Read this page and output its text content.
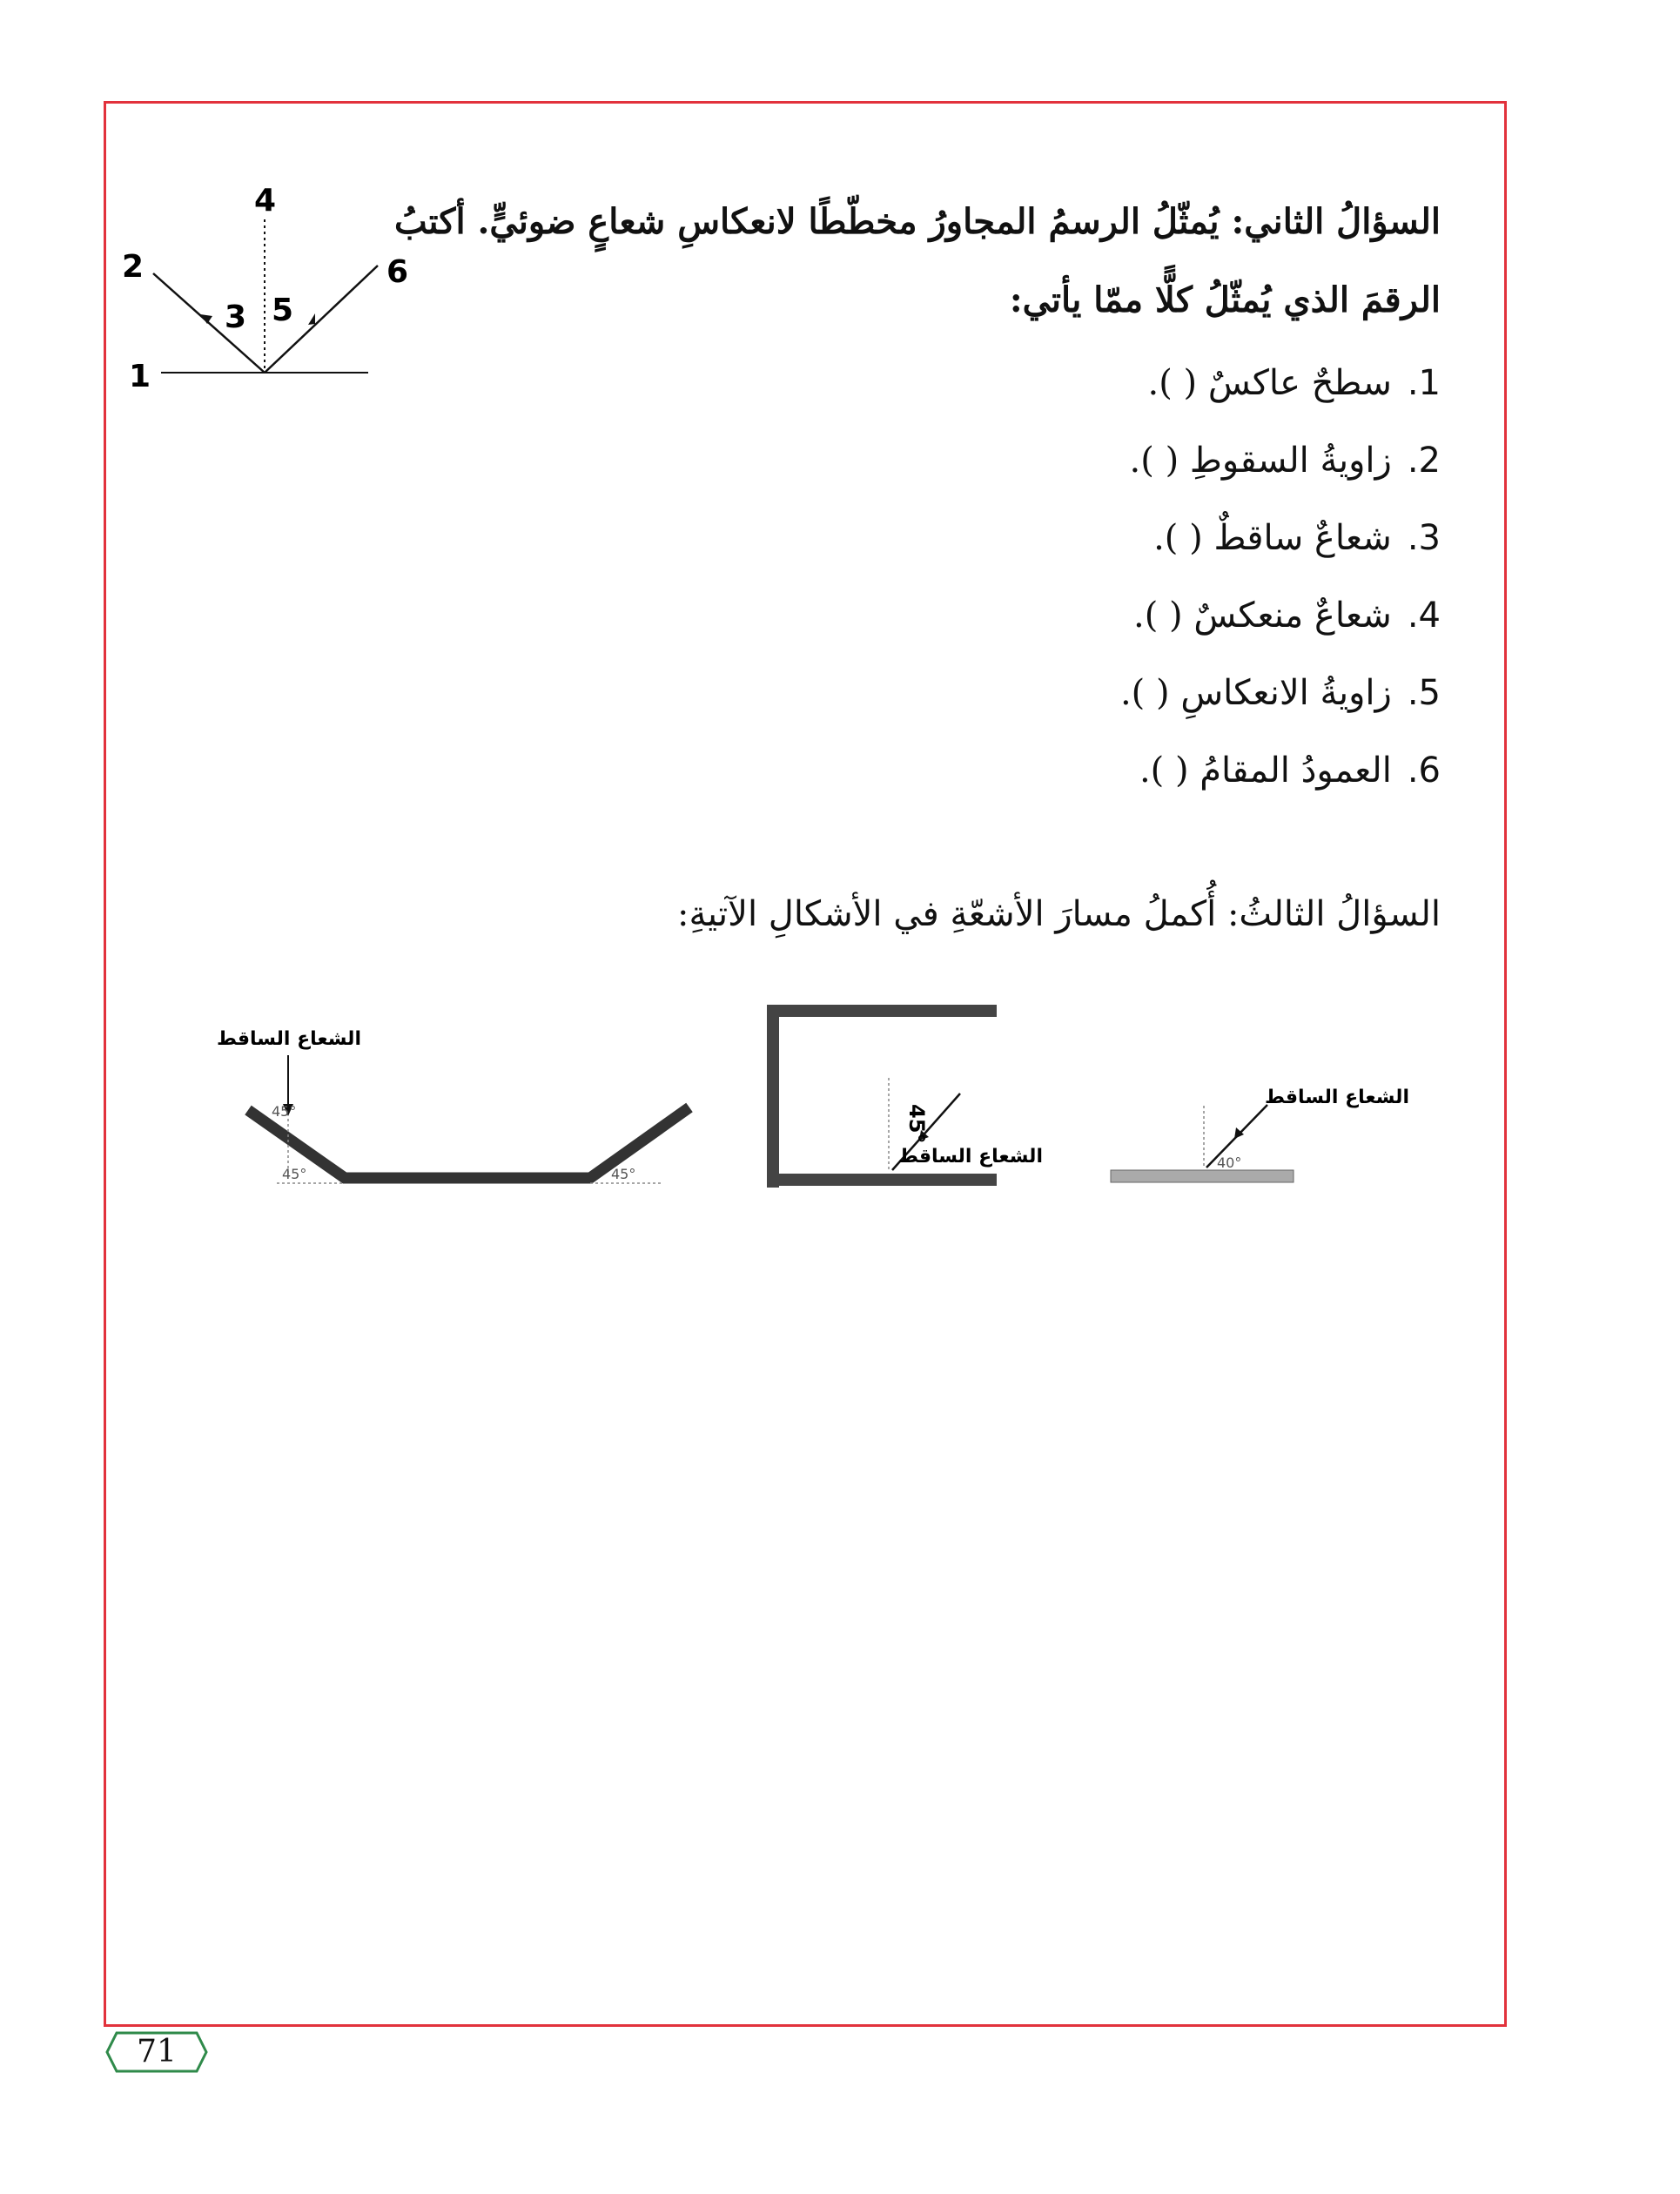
4
2	6
3 5
1
السؤالُ الثاني: يُمثّلُ الرسمُ المجاورُ مخطّطًا لانعكاسِ شعاعٍ ضوئيٍّ. أكتبُ الرقمَ الذي يُمثّلُ كلًّا ممّا يأتي:
1.سطحٌ عاكسٌ ( ).
2.زاويةُ السقوطِ ( ).
3.شعاعٌ ساقطٌ ( ).
4.شعاعٌ منعكسٌ ( ).
5.زاويةُ الانعكاسِ ( ).
6.العمودُ المقامُ ( ).
السؤالُ الثالثُ: أُكملُ مسارَ الأشعّةِ في الأشكالِ الآتيةِ:
الشعاع الساقط
45°
45°	45°
45°
الشعاع الساقط
الشعاع الساقط
40°
71
